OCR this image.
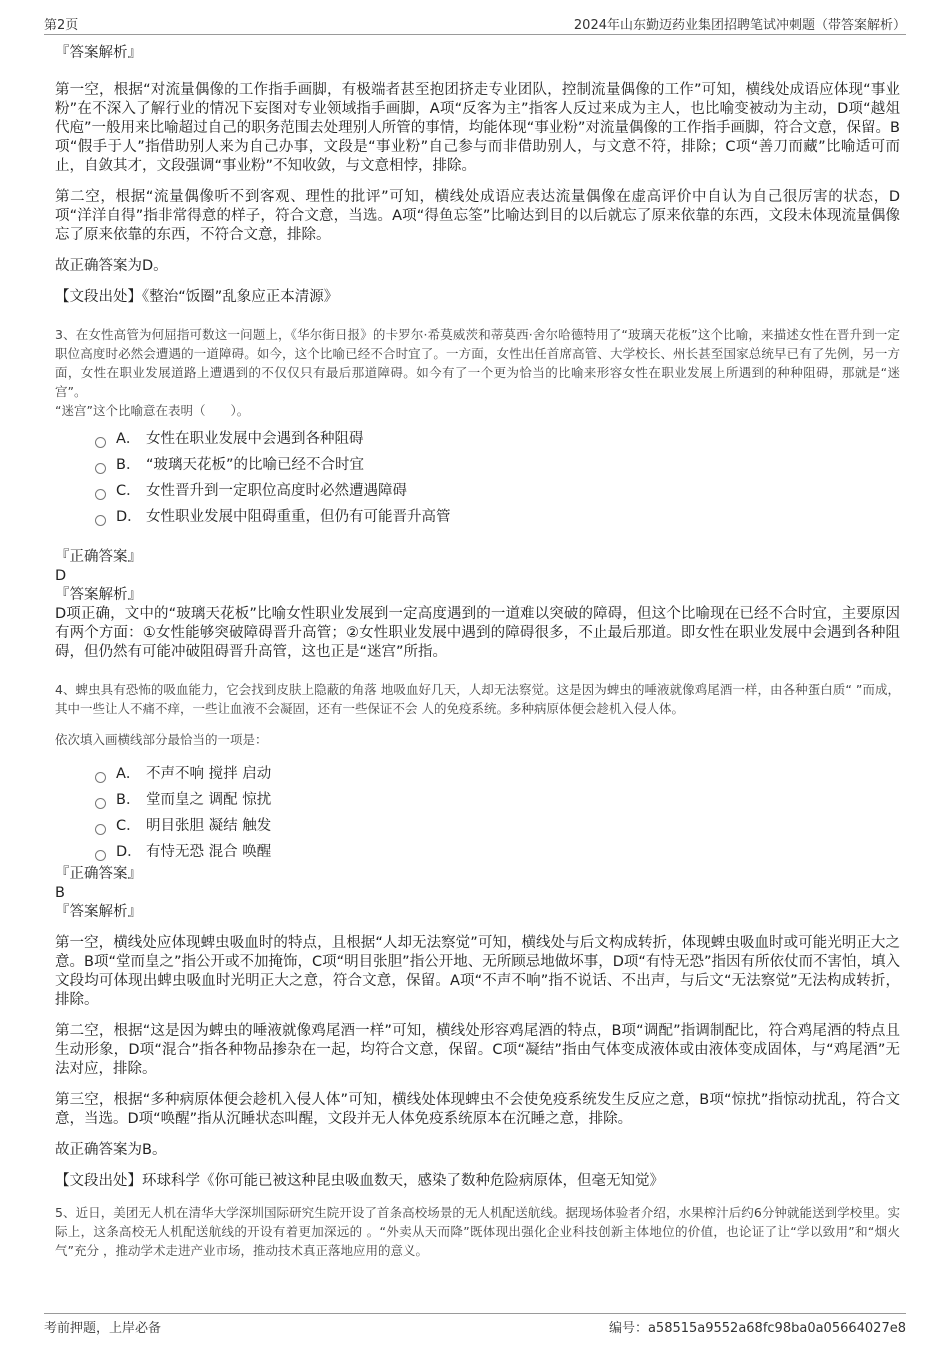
第2页	2024年山东勤迈药业集团招聘笔试冲刺题（带答案解析）

『答案解析』

第一空，根据“对流量偶像的工作指手画脚，有极端者甚至抱团挤走专业团队，控制流量偶像的工作”可知，横线处成语应体现“事业粉”在不深入了解行业的情况下妄图对专业领域指手画脚，A项“反客为主”指客人反过来成为主人，也比喻变被动为主动，D项“越俎代庖”一般用来比喻超过自己的职务范围去处理别人所管的事情，均能体现“事业粉”对流量偶像的工作指手画脚，符合文意，保留。B项“假手于人”指借助别人来为自己办事，文段是“事业粉”自己参与而非借助别人，与文意不符，排除；C项“善刀而藏”比喻适可而止，自敛其才，文段强调“事业粉”不知收敛，与文意相悖，排除。

第二空，根据“流量偶像听不到客观、理性的批评”可知，横线处成语应表达流量偶像在虚高评价中自认为自己很厉害的状态，D项“洋洋自得”指非常得意的样子，符合文意，当选。A项“得鱼忘筌”比喻达到目的以后就忘了原来依靠的东西，文段未体现流量偶像忘了原来依靠的东西，不符合文意，排除。

故正确答案为D。

【文段出处】《整治“饭圈”乱象应正本清源》

3、在女性高管为何屈指可数这一问题上，《华尔街日报》的卡罗尔·希莫威茨和蒂莫西·舍尔哈德特用了“玻璃天花板”这个比喻，来描述女性在晋升到一定职位高度时必然会遭遇的一道障碍。如今，这个比喻已经不合时宜了。一方面，女性出任首席高管、大学校长、州长甚至国家总统早已有了先例，另一方面，女性在职业发展道路上遭遇到的不仅仅只有最后那道障碍。如今有了一个更为恰当的比喻来形容女性在职业发展上所遇到的种种阻碍，那就是“迷宫”。

“迷宫”这个比喻意在表明（　　）。

A． 女性在职业发展中会遇到各种阻碍
B． “玻璃天花板”的比喻已经不合时宜
C． 女性晋升到一定职位高度时必然遭遇障碍
D． 女性职业发展中阻碍重重，但仍有可能晋升高管

『正确答案』

D

『答案解析』

D项正确，文中的“玻璃天花板”比喻女性职业发展到一定高度遇到的一道难以突破的障碍，但这个比喻现在已经不合时宜，主要原因有两个方面：①女性能够突破障碍晋升高管；②女性职业发展中遇到的障碍很多，不止最后那道。即女性在职业发展中会遇到各种阻碍，但仍然有可能冲破阻碍晋升高管，这也正是“迷宫”所指。

4、蜱虫具有恐怖的吸血能力，它会找到皮肤上隐蔽的角落 地吸血好几天，人却无法察觉。这是因为蜱虫的唾液就像鸡尾酒一样，由各种蛋白质“ ”而成，其中一些让人不痛不痒，一些让血液不会凝固，还有一些保证不会 人的免疫系统。多种病原体便会趁机入侵人体。

依次填入画横线部分最恰当的一项是：

A． 不声不响 搅拌 启动
B． 堂而皇之 调配 惊扰
C． 明目张胆 凝结 触发
D． 有恃无恐 混合 唤醒

『正确答案』

B

『答案解析』

第一空，横线处应体现蜱虫吸血时的特点，且根据“人却无法察觉”可知，横线处与后文构成转折，体现蜱虫吸血时或可能光明正大之意。B项“堂而皇之”指公开或不加掩饰，C项“明目张胆”指公开地、无所顾忌地做坏事，D项“有恃无恐”指因有所依仗而不害怕，填入文段均可体现出蜱虫吸血时光明正大之意，符合文意，保留。A项“不声不响”指不说话、不出声，与后文“无法察觉”无法构成转折，排除。

第二空，根据“这是因为蜱虫的唾液就像鸡尾酒一样”可知，横线处形容鸡尾酒的特点，B项“调配”指调制配比，符合鸡尾酒的特点且生动形象，D项“混合”指各种物品掺杂在一起，均符合文意，保留。C项“凝结”指由气体变成液体或由液体变成固体，与“鸡尾酒”无法对应，排除。

第三空，根据“多种病原体便会趁机入侵人体”可知，横线处体现蜱虫不会使免疫系统发生反应之意，B项“惊扰”指惊动扰乱，符合文意，当选。D项“唤醒”指从沉睡状态叫醒，文段并无人体免疫系统原本在沉睡之意，排除。

故正确答案为B。

【文段出处】环球科学《你可能已被这种昆虫吸血数天，感染了数种危险病原体，但毫无知觉》

5、近日，美团无人机在清华大学深圳国际研究生院开设了首条高校场景的无人机配送航线。据现场体验者介绍，水果榨汁后约6分钟就能送到学校里。实际上，这条高校无人机配送航线的开设有着更加深远的 。“外卖从天而降”既体现出强化企业科技创新主体地位的价值，也论证了让“学以致用”和“烟火气”充分 ，推动学术走进产业市场，推动技术真正落地应用的意义。

考前押题，上岸必备	编号：a58515a9552a68fc98ba0a05664027e8
